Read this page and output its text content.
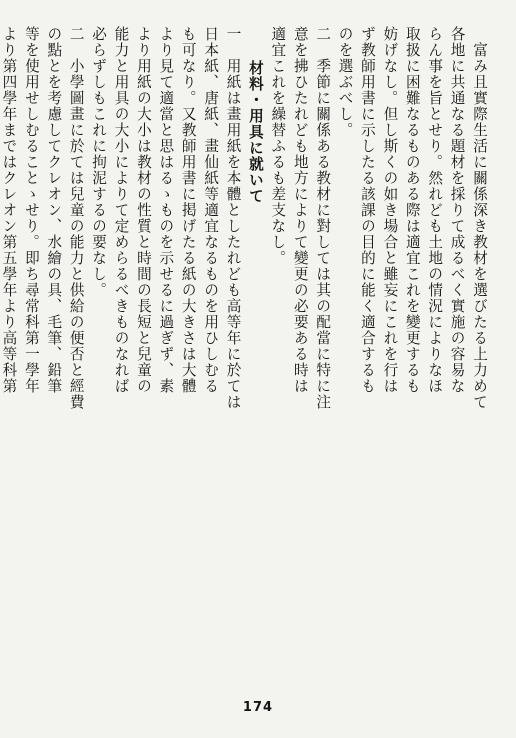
　富み且實際生活に關係深き教材を選びたる上力めて
各地に共通なる題材を採りて成るべく實施の容易な
らん事を旨とせり。然れども土地の情況によりなほ
取扱に困難なるものある際は適宜これを變更するも
妨げなし。但し斯くの如き場合と雖妄にこれを行は
ず教師用書に示したる該課の目的に能く適合するも
のを選ぶべし。
二　季節に關係ある教材に對しては其の配當に特に注
意を拂ひたれども地方によりて變更の必要ある時は
適宜これを繰替ふるも差支なし。
材料・用具に就いて
一　用紙は畫用紙を本體としたれども高等年に於ては
日本紙、唐紙、畫仙紙等適宜なるものを用ひしむる
も可なり。又教師用書に掲げたる紙の大きさは大體
より見て適當と思はるゝものを示せるに過ぎず、素
より用紙の大小は教材の性質と時間の長短と兒童の
能力と用具の大小によりて定めらるべきものなれば
必らずしもこれに拘泥するの要なし。
二　小學圖畫に於ては兒童の能力と供給の便否と經費
の點とを考慮してクレオン、水繪の具、毛筆、鉛筆
等を使用せしむることゝせり。即ち尋常科第一學年
より第四學年まではクレオン第五學年より高等科第
174
